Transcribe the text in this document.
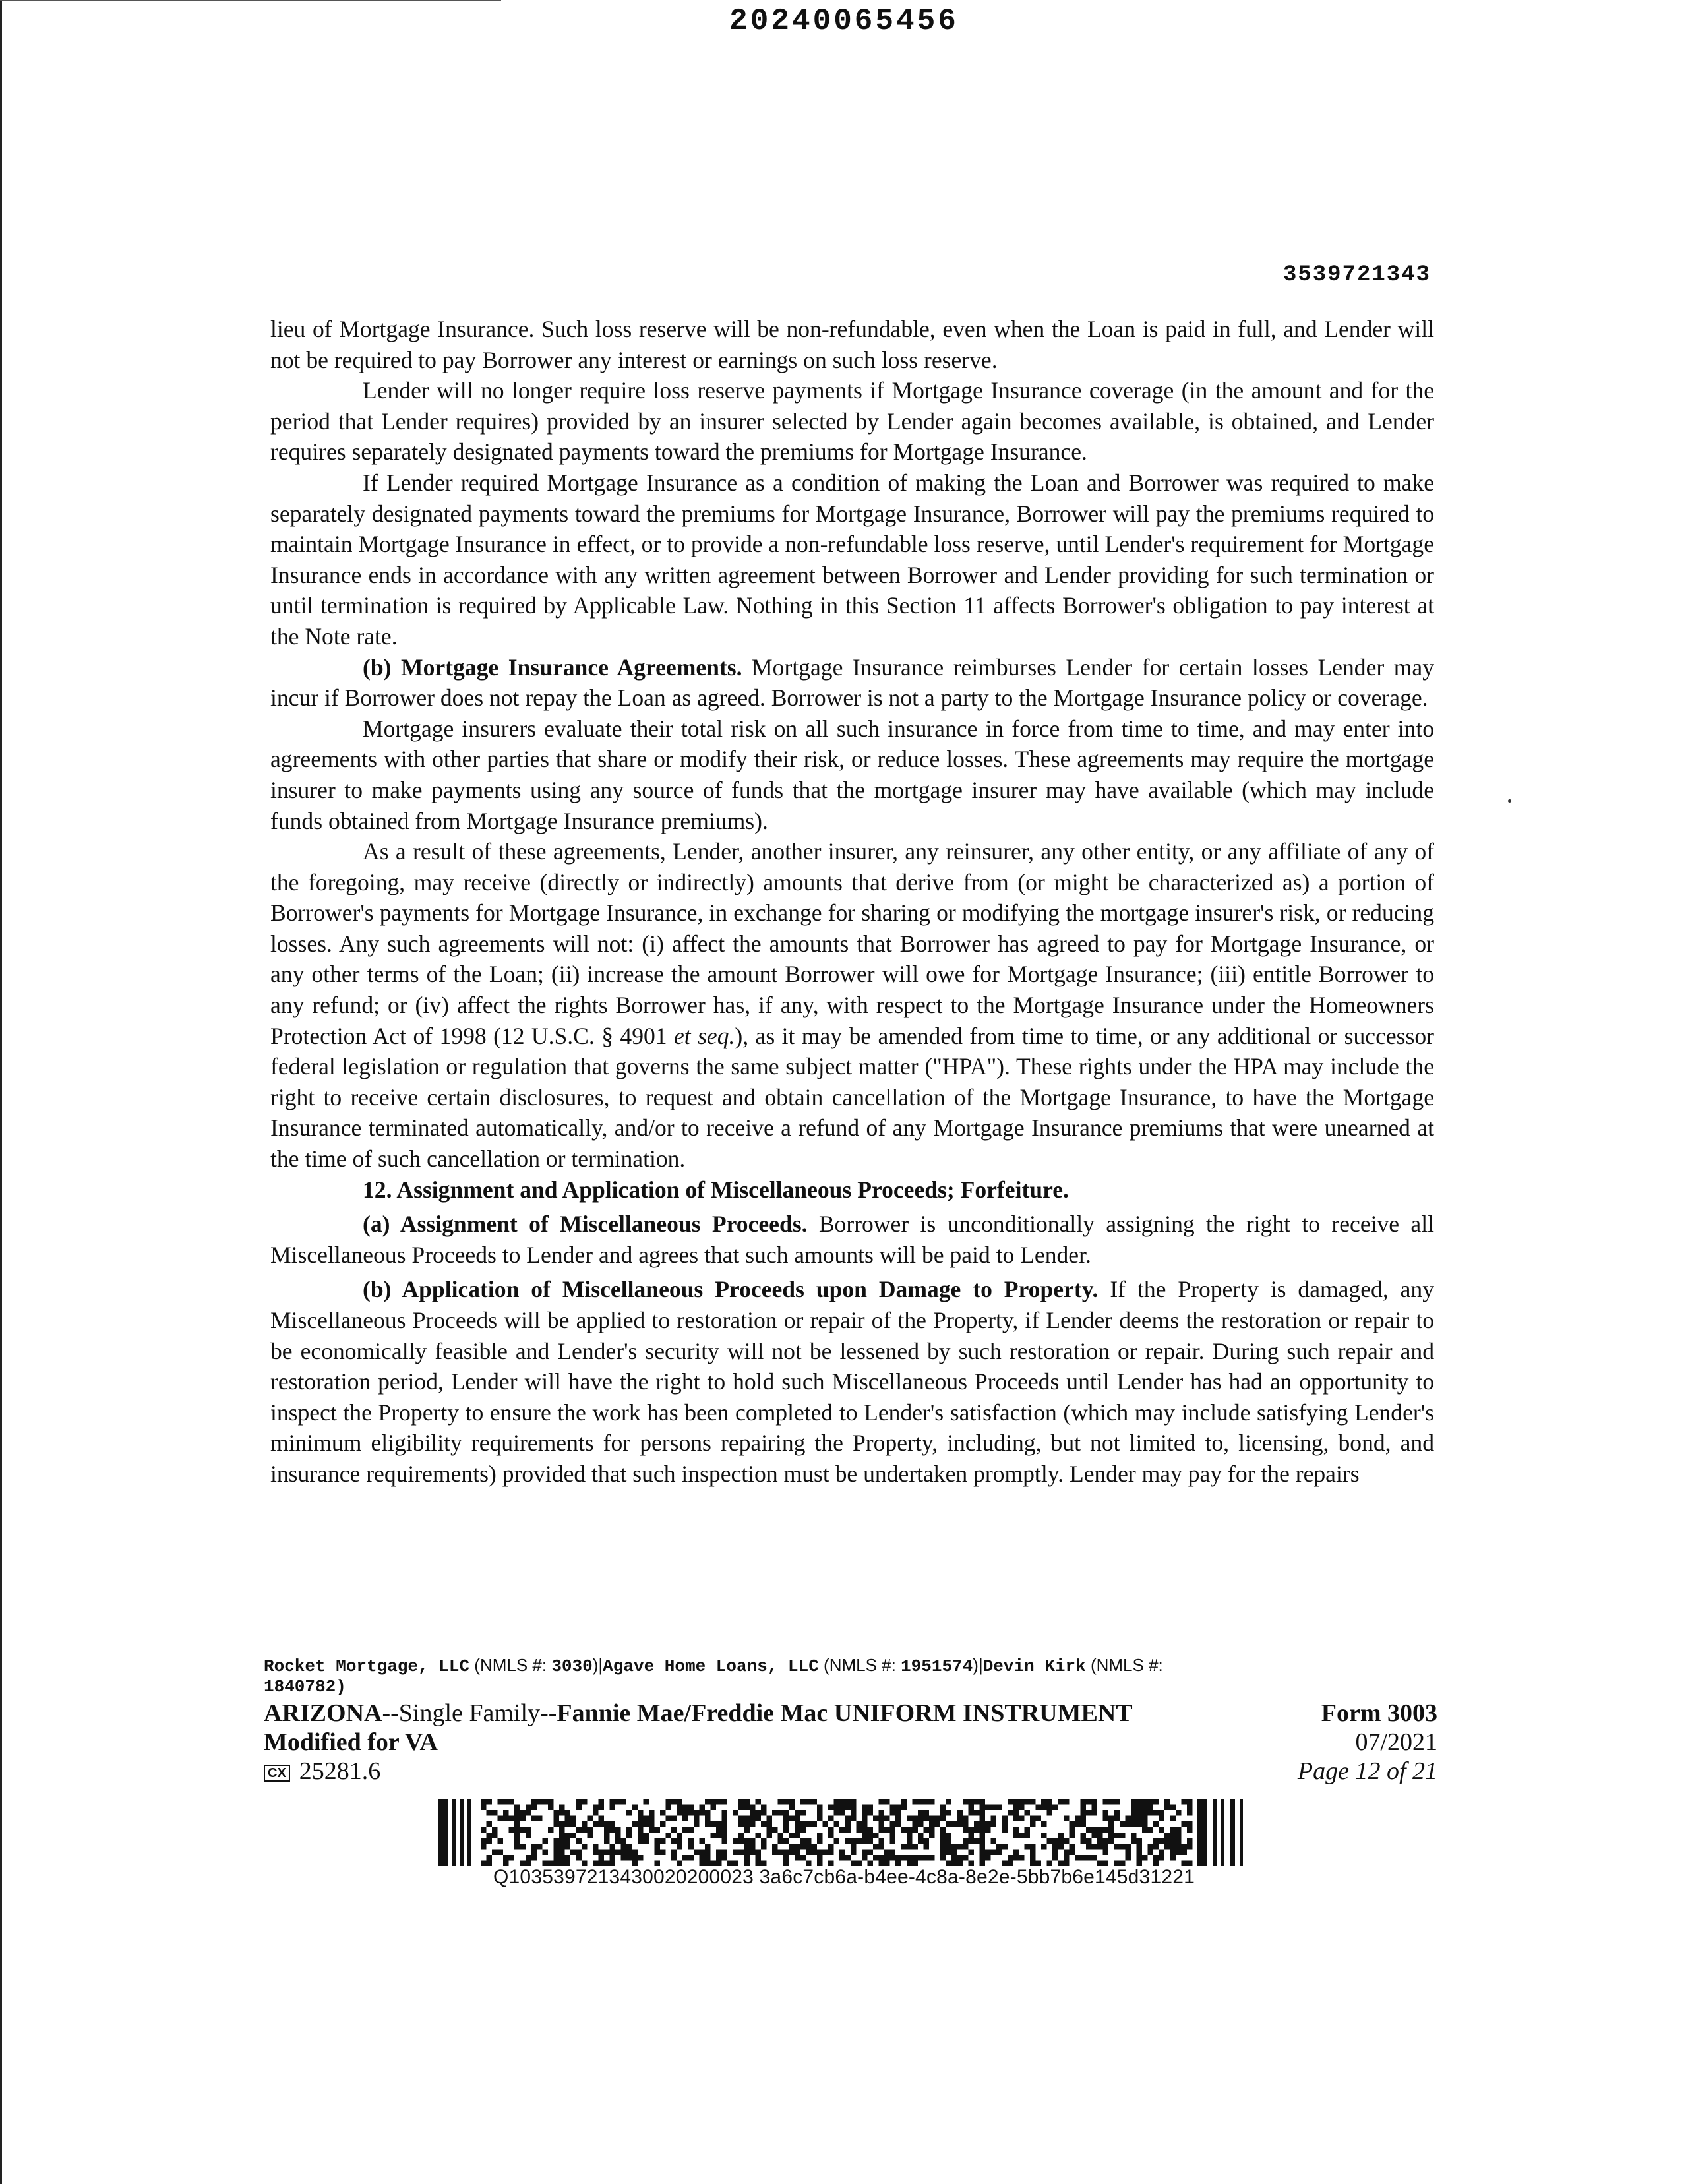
20240065456
3539721343

lieu of Mortgage Insurance. Such loss reserve will be non-refundable, even when the Loan is paid in full, and Lender will not be required to pay Borrower any interest or earnings on such loss reserve.

Lender will no longer require loss reserve payments if Mortgage Insurance coverage (in the amount and for the period that Lender requires) provided by an insurer selected by Lender again becomes available, is obtained, and Lender requires separately designated payments toward the premiums for Mortgage Insurance.

If Lender required Mortgage Insurance as a condition of making the Loan and Borrower was required to make separately designated payments toward the premiums for Mortgage Insurance, Borrower will pay the premiums required to maintain Mortgage Insurance in effect, or to provide a non-refundable loss reserve, until Lender's requirement for Mortgage Insurance ends in accordance with any written agreement between Borrower and Lender providing for such termination or until termination is required by Applicable Law. Nothing in this Section 11 affects Borrower's obligation to pay interest at the Note rate.

(b) Mortgage Insurance Agreements. Mortgage Insurance reimburses Lender for certain losses Lender may incur if Borrower does not repay the Loan as agreed. Borrower is not a party to the Mortgage Insurance policy or coverage.

Mortgage insurers evaluate their total risk on all such insurance in force from time to time, and may enter into agreements with other parties that share or modify their risk, or reduce losses. These agreements may require the mortgage insurer to make payments using any source of funds that the mortgage insurer may have available (which may include funds obtained from Mortgage Insurance premiums).

As a result of these agreements, Lender, another insurer, any reinsurer, any other entity, or any affiliate of any of the foregoing, may receive (directly or indirectly) amounts that derive from (or might be characterized as) a portion of Borrower's payments for Mortgage Insurance, in exchange for sharing or modifying the mortgage insurer's risk, or reducing losses. Any such agreements will not: (i) affect the amounts that Borrower has agreed to pay for Mortgage Insurance, or any other terms of the Loan; (ii) increase the amount Borrower will owe for Mortgage Insurance; (iii) entitle Borrower to any refund; or (iv) affect the rights Borrower has, if any, with respect to the Mortgage Insurance under the Homeowners Protection Act of 1998 (12 U.S.C. § 4901 et seq.), as it may be amended from time to time, or any additional or successor federal legislation or regulation that governs the same subject matter ("HPA"). These rights under the HPA may include the right to receive certain disclosures, to request and obtain cancellation of the Mortgage Insurance, to have the Mortgage Insurance terminated automatically, and/or to receive a refund of any Mortgage Insurance premiums that were unearned at the time of such cancellation or termination.

12. Assignment and Application of Miscellaneous Proceeds; Forfeiture.

(a) Assignment of Miscellaneous Proceeds. Borrower is unconditionally assigning the right to receive all Miscellaneous Proceeds to Lender and agrees that such amounts will be paid to Lender.

(b) Application of Miscellaneous Proceeds upon Damage to Property. If the Property is damaged, any Miscellaneous Proceeds will be applied to restoration or repair of the Property, if Lender deems the restoration or repair to be economically feasible and Lender's security will not be lessened by such restoration or repair. During such repair and restoration period, Lender will have the right to hold such Miscellaneous Proceeds until Lender has had an opportunity to inspect the Property to ensure the work has been completed to Lender's satisfaction (which may include satisfying Lender's minimum eligibility requirements for persons repairing the Property, including, but not limited to, licensing, bond, and insurance requirements) provided that such inspection must be undertaken promptly. Lender may pay for the repairs

Rocket Mortgage, LLC (NMLS #: 3030)|Agave Home Loans, LLC (NMLS #: 1951574)|Devin Kirk (NMLS #:
1840782)
ARIZONA--Single Family--Fannie Mae/Freddie Mac UNIFORM INSTRUMENT
Modified for VA
CX 25281.6
Form 3003
07/2021
Page 12 of 21
Q1035397213430020200023 3a6c7cb6a-b4ee-4c8a-8e2e-5bb7b6e145d31221
